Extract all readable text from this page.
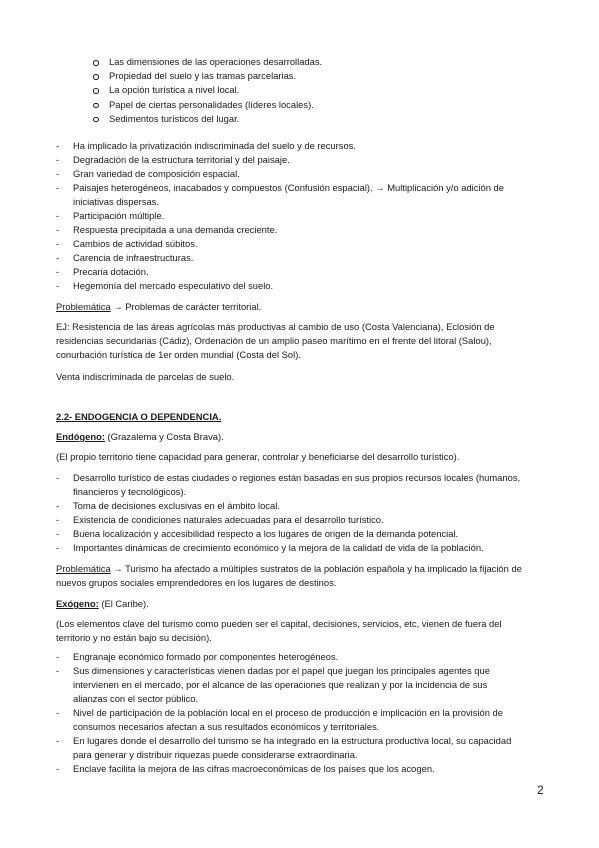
Las dimensiones de las operaciones desarrolladas.
Propiedad del suelo y las tramas parcelarias.
La opción turística a nivel local.
Papel de ciertas personalidades (líderes locales).
Sedimentos turísticos del lugar.
- Ha implicado la privatización indiscriminada del suelo y de recursos.
- Degradación de la estructura territorial y del paisaje.
- Gran variedad de composición espacial.
- Paisajes heterogéneos, inacabados y compuestos (Confusión espacial). → Multiplicación y/o adición de iniciativas dispersas.
- Participación múltiple.
- Respuesta precipitada a una demanda creciente.
- Cambios de actividad súbitos.
- Carencia de infraestructuras.
- Precaria dotación.
- Hegemonía del mercado especulativo del suelo.
Problemática → Problemas de carácter territorial.
EJ: Resistencia de las áreas agrícolas más productivas al cambio de uso (Costa Valenciana), Eclosión de residencias secundarias (Cádiz), Ordenación de un amplio paseo marítimo en el frente del litoral (Salou), conurbación turística de 1er orden mundial (Costa del Sol).
Venta indiscriminada de parcelas de suelo.
2.2- ENDOGENCIA O DEPENDENCIA.
Endógeno: (Grazalema y Costa Brava).
(El propio territorio tiene capacidad para generar, controlar y beneficiarse del desarrollo turístico).
- Desarrollo turístico de estas ciudades o regiones están basadas en sus propios recursos locales (humanos, financieros y tecnológicos).
- Toma de decisiones exclusivas en el ámbito local.
- Existencia de condiciones naturales adecuadas para el desarrollo turístico.
- Buena localización y accesibilidad respecto a los lugares de origen de la demanda potencial.
- Importantes dinámicas de crecimiento económico y la mejora de la calidad de vida de la población.
Problemática → Turismo ha afectado a múltiples sustratos de la población española y ha implicado la fijación de nuevos grupos sociales emprendedores en los lugares de destinos.
Exógeno: (El Caribe).
(Los elementos clave del turismo como pueden ser el capital, decisiones, servicios, etc, vienen de fuera del territorio y no están bajo su decisión).
- Engranaje económico formado por componentes heterogéneos.
- Sus dimensiones y características vienen dadas por el papel que juegan los principales agentes que intervienen en el mercado, por el alcance de las operaciones que realizan y por la incidencia de sus alianzas con el sector público.
- Nivel de participación de la población local en el proceso de producción e implicación en la provisión de consumos necesarios afectan a sus resultados económicos y territoriales.
- En lugares donde el desarrollo del turismo se ha integrado en la estructura productiva local, su capacidad para generar y distribuir riquezas puede considerarse extraordinaria.
- Enclave facilita la mejora de las cifras macroeconómicas de los países que los acogen.
2
